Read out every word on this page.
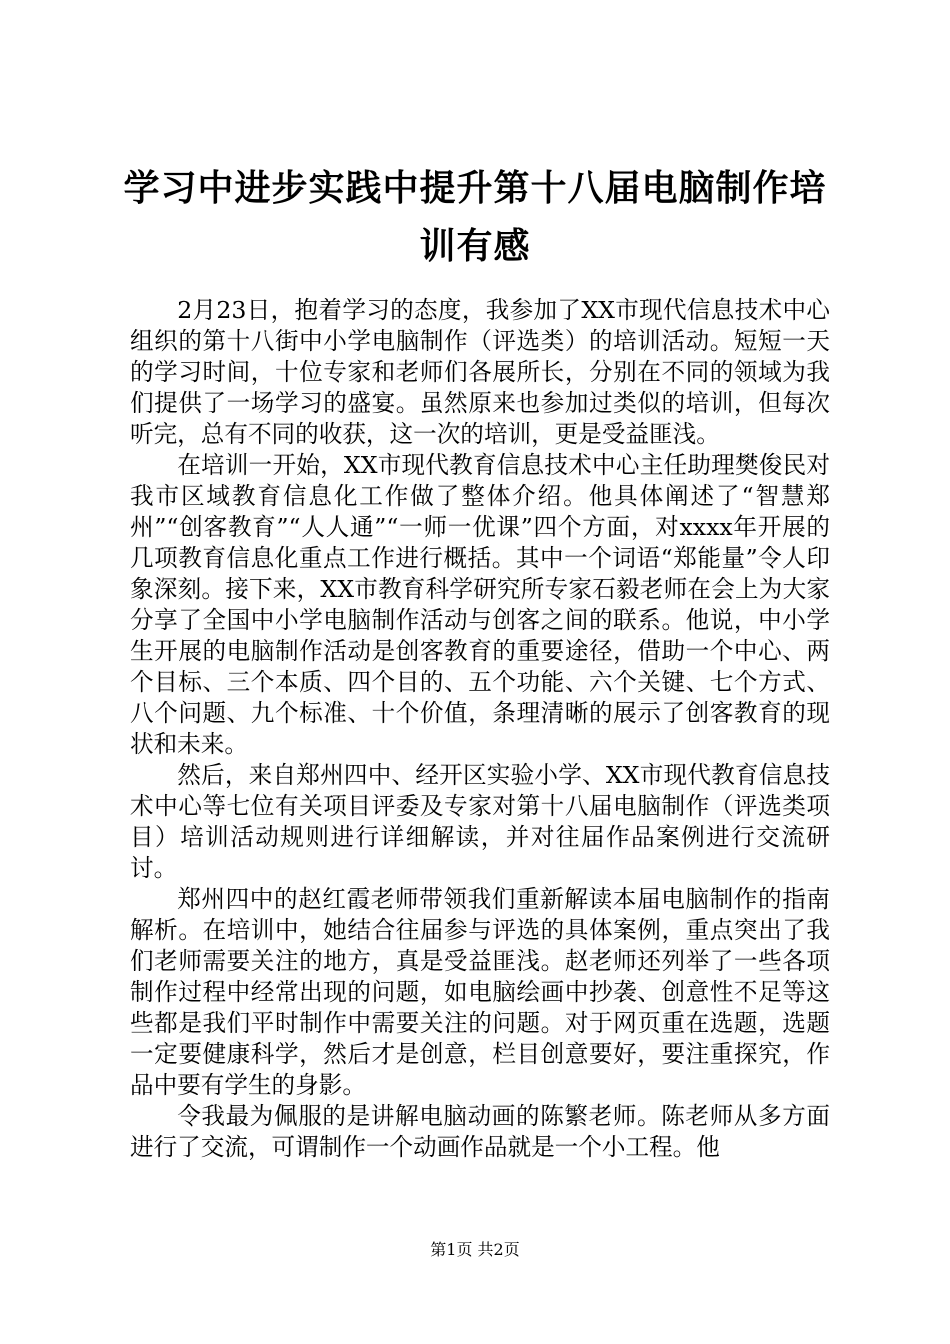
学习中进步实践中提升第十八届电脑制作培训有感

2月23日，抱着学习的态度，我参加了XX市现代信息技术中心组织的第十八街中小学电脑制作（评选类）的培训活动。短短一天的学习时间，十位专家和老师们各展所长，分别在不同的领域为我们提供了一场学习的盛宴。虽然原来也参加过类似的培训，但每次听完，总有不同的收获，这一次的培训，更是受益匪浅。

在培训一开始，XX市现代教育信息技术中心主任助理樊俊民对我市区域教育信息化工作做了整体介绍。他具体阐述了“智慧郑州”“创客教育”“人人通”“一师一优课”四个方面，对xxxx年开展的几项教育信息化重点工作进行概括。其中一个词语“郑能量”令人印象深刻。接下来，XX市教育科学研究所专家石毅老师在会上为大家分享了全国中小学电脑制作活动与创客之间的联系。他说，中小学生开展的电脑制作活动是创客教育的重要途径，借助一个中心、两个目标、三个本质、四个目的、五个功能、六个关键、七个方式、八个问题、九个标准、十个价值，条理清晰的展示了创客教育的现状和未来。

然后，来自郑州四中、经开区实验小学、XX市现代教育信息技术中心等七位有关项目评委及专家对第十八届电脑制作（评选类项目）培训活动规则进行详细解读，并对往届作品案例进行交流研讨。

郑州四中的赵红霞老师带领我们重新解读本届电脑制作的指南解析。在培训中，她结合往届参与评选的具体案例，重点突出了我们老师需要关注的地方，真是受益匪浅。赵老师还列举了一些各项制作过程中经常出现的问题，如电脑绘画中抄袭、创意性不足等这些都是我们平时制作中需要关注的问题。对于网页重在选题，选题一定要健康科学，然后才是创意，栏目创意要好，要注重探究，作品中要有学生的身影。

令我最为佩服的是讲解电脑动画的陈繁老师。陈老师从多方面进行了交流，可谓制作一个动画作品就是一个小工程。他

第1页 共2页
